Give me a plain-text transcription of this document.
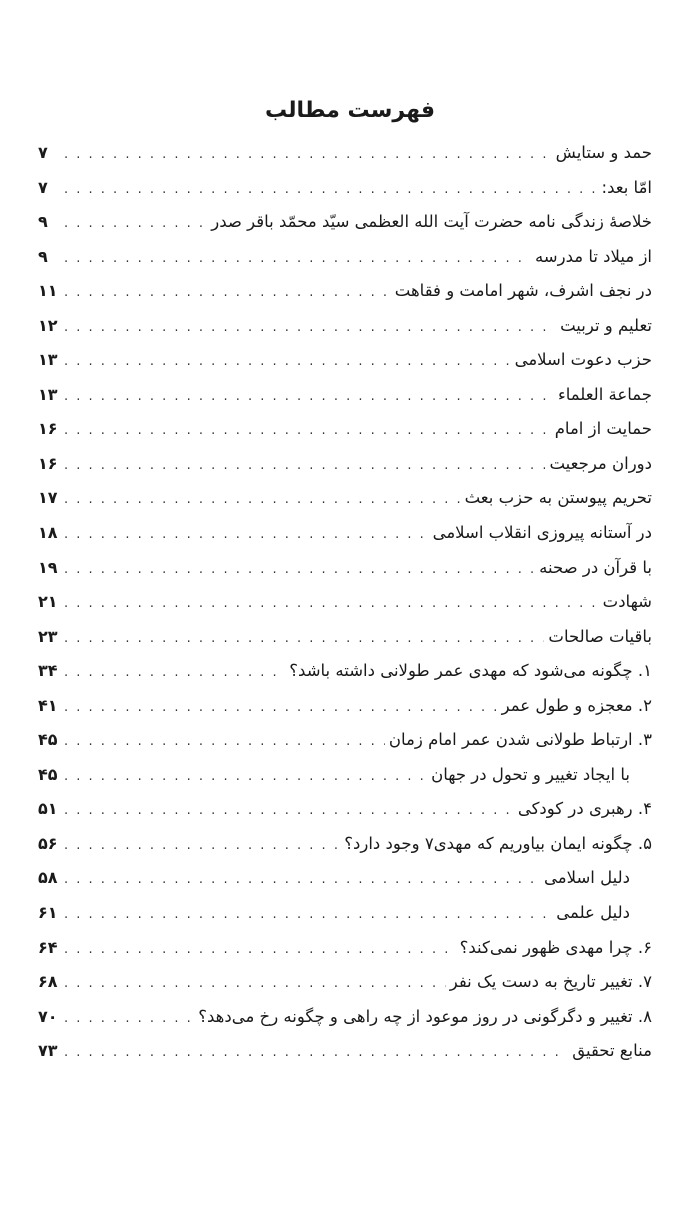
فهرست مطالب
حمد و ستایش
. . .
۷
امّا بعد:
. . .
۷
خلاصهٔ زندگی نامه حضرت آیت الله العظمی سیّد محمّد باقر صدر
. . .
۹
از میلاد تا مدرسه
. . .
۹
در نجف اشرف، شهر امامت و فقاهت
. . .
۱۱
تعلیم و تربیت
. . .
۱۲
حزب دعوت اسلامی
. . .
۱۳
جماعة العلماء
. . .
۱۳
حمایت از امام
. . .
۱۶
دوران مرجعیت
. . .
۱۶
تحریم پیوستن به حزب بعث
. . .
۱۷
در آستانه پیروزی انقلاب اسلامی
. . .
۱۸
با قرآن در صحنه
. . .
۱۹
شهادت
. . .
۲۱
باقیات صالحات
. . .
۲۳
۱. چگونه می‌شود که مهدی عمر طولانی داشته باشد؟
. . .
۳۴
۲. معجزه و طول عمر
. . .
۴۱
۳. ارتباط طولانی شدن عمر امام زمان
. . .
۴۵
با ایجاد تغییر و تحول در جهان
. . .
۴۵
۴. رهبری در کودکی
. . .
۵۱
۵. چگونه ایمان بیاوریم که مهدی۷ وجود دارد؟
. . .
۵۶
دلیل اسلامی
. . .
۵۸
دلیل علمی
. . .
۶۱
۶. چرا مهدی ظهور نمی‌کند؟
. . .
۶۴
۷. تغییر تاریخ به دست یک نفر
. . .
۶۸
۸. تغییر و دگرگونی در روز موعود از چه راهی و چگونه رخ می‌دهد؟
. . .
۷۰
منابع تحقیق
. . .
۷۳
